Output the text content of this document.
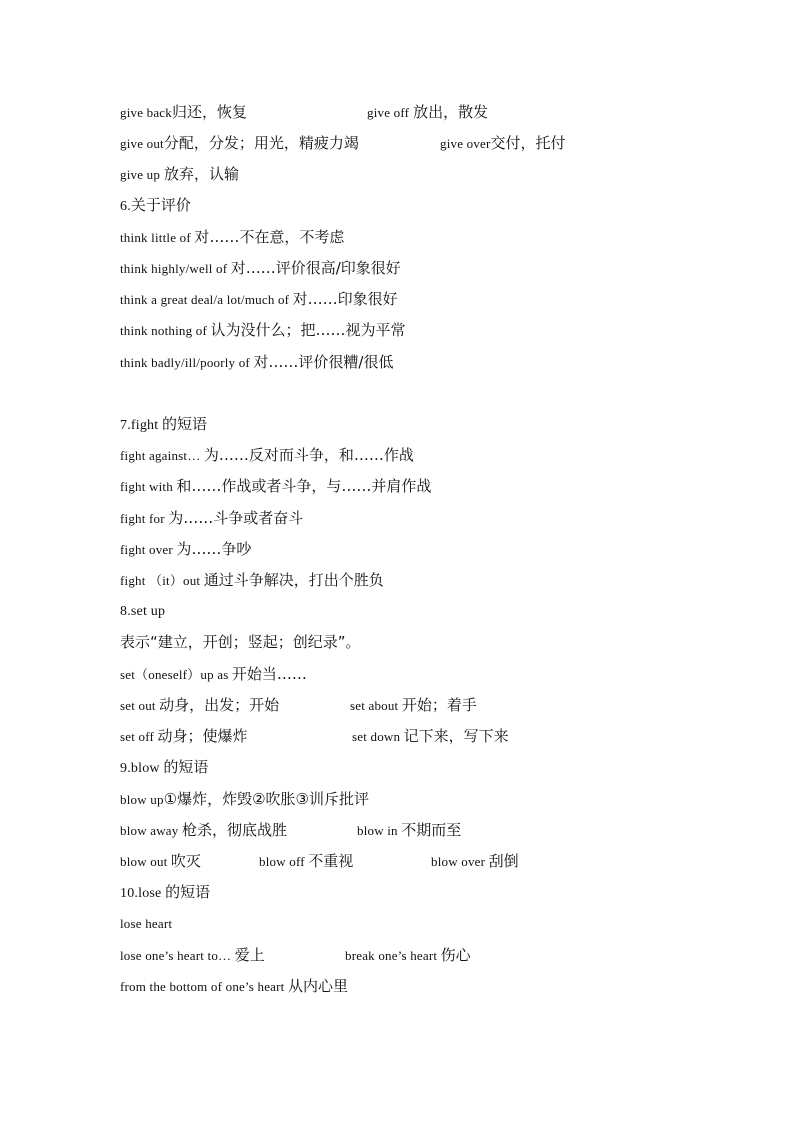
give back归还，恢复	give off 放出，散发
give out分配，分发；用光，精疲力竭	give over交付，托付
give up 放弃，认输
6.关于评价
think little of 对……不在意，不考虑
think highly/well of 对……评价很高/印象很好
think a great deal/a lot/much of 对……印象很好
think nothing of 认为没什么；把……视为平常
think badly/ill/poorly of 对……评价很糟/很低
7.fight 的短语
fight against… 为……反对而斗争，和……作战
fight with 和……作战或者斗争，与……并肩作战
fight for 为……斗争或者奋斗
fight over 为……争吵
fight （it）out 通过斗争解决，打出个胜负
8.set up
表示“建立，开创；竖起；创纪录”。
set（oneself）up as 开始当……
set out 动身，出发；开始	set about 开始；着手
set off 动身；使爆炸	set down 记下来，写下来
9.blow 的短语
blow up①爆炸，炸毁②吹胀③训斥批评
blow away 枪杀，彻底战胜	blow in 不期而至
blow out 吹灭	blow off 不重视	blow over 刮倒
10.lose 的短语
lose heart
lose one’s heart to… 爱上	break one’s heart 伤心
from the bottom of one’s heart 从内心里
